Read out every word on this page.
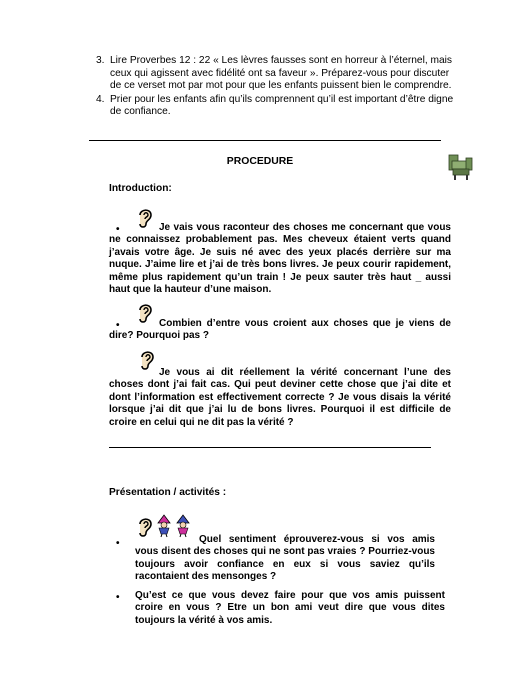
3. Lire Proverbes 12 : 22 « Les lèvres fausses sont en horreur à l’éternel, mais ceux qui agissent avec fidélité ont sa faveur ». Préparez-vous pour discuter de ce verset mot par mot pour que les enfants puissent bien le comprendre.
4. Prier pour les enfants afin qu’ils comprennent qu’il est important d’être digne de confiance.
PROCEDURE
Introduction:
•	Je vais vous raconteur des choses me concernant que vous ne connaissez probablement pas. Mes cheveux étaient verts quand j’avais votre âge. Je suis né avec des yeux placés derrière sur ma nuque. J’aime lire et j’ai de très bons livres. Je peux courir rapidement, même plus rapidement qu’un train ! Je peux sauter très haut _ aussi haut que la hauteur d’une maison.
•	Combien d’entre vous croient aux choses que je viens de dire? Pourquoi pas ?
Je vous ai dit réellement la vérité concernant l’une des choses dont j’ai fait cas. Qui peut deviner cette chose que j’ai dite et dont l’information est effectivement correcte ? Je vous disais la vérité lorsque j’ai dit que j’ai lu de bons livres. Pourquoi il est difficile de croire en celui qui ne dit pas la vérité ?
Présentation / activités :
•	Quel sentiment éprouverez-vous si vos amis vous disent des choses qui ne sont pas vraies ? Pourriez-vous toujours avoir confiance en eux si vous saviez qu’ils racontaient des mensonges ?
• Qu’est ce que vous devez faire pour que vos amis puissent croire en vous ? Etre un bon ami veut dire que vous dites toujours la vérité à vos amis.
